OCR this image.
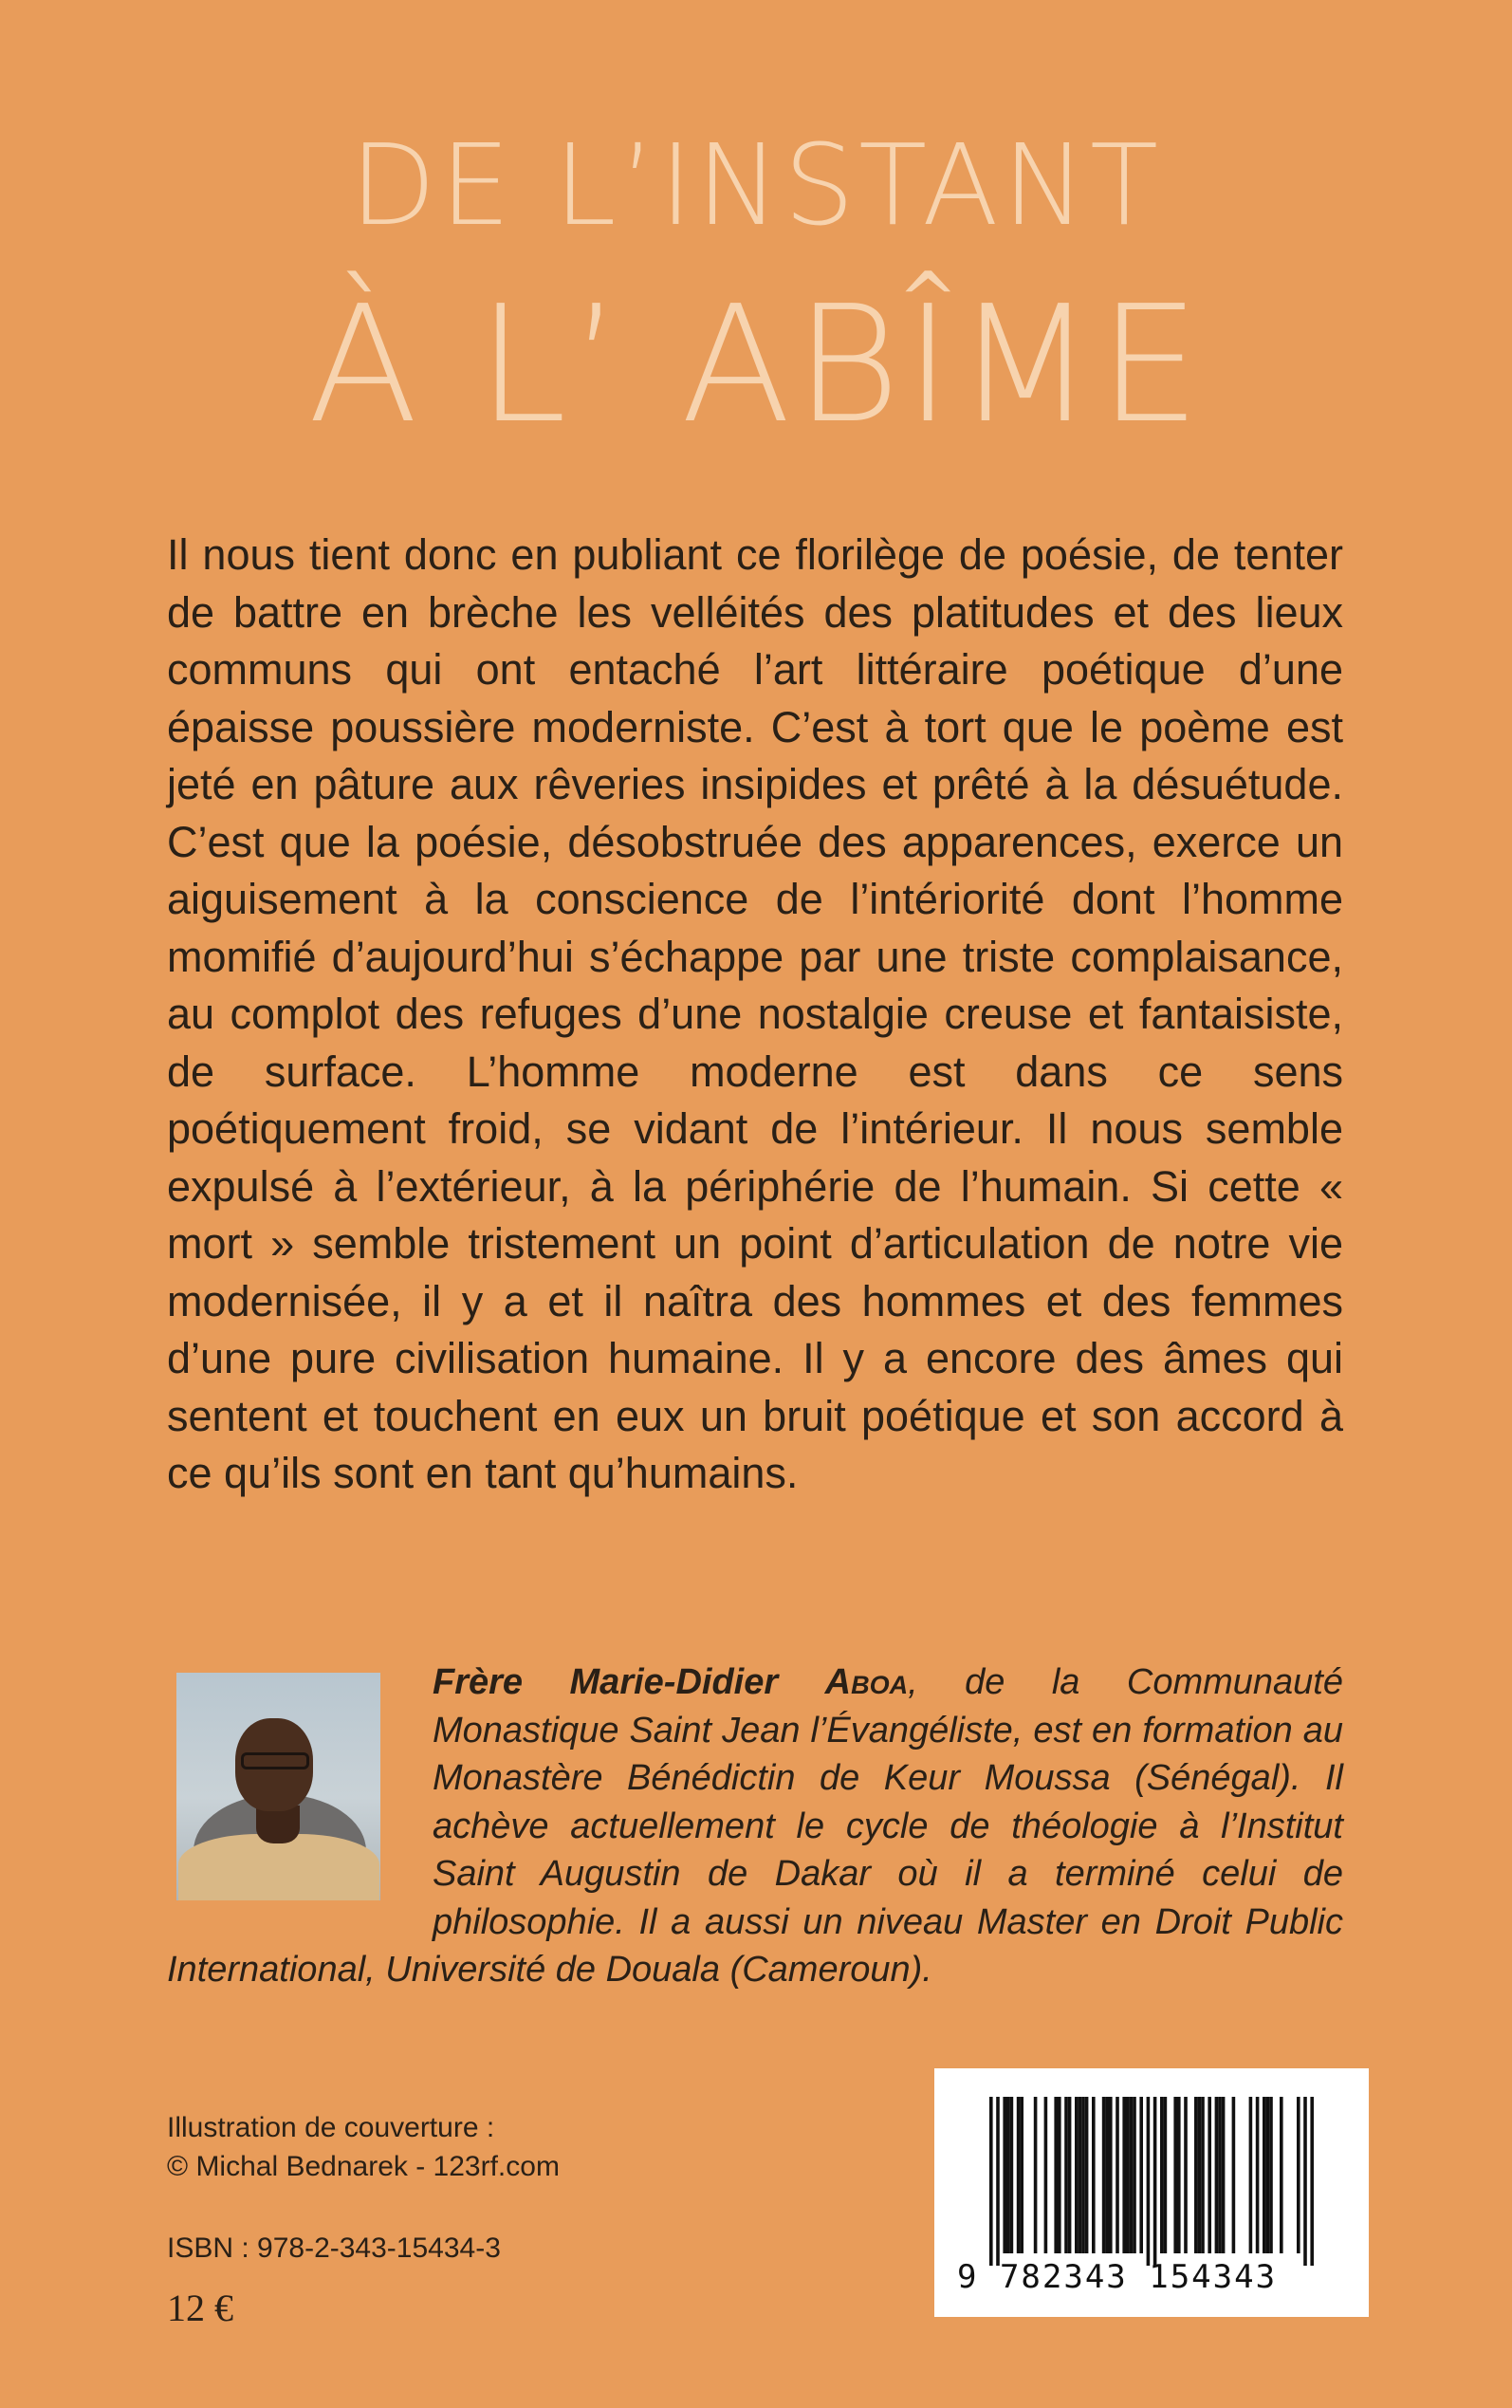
DE L’INSTANT
À L’ ABÎME

Il nous tient donc en publiant ce florilège de poésie, de tenter de battre en brèche les velléités des platitudes et des lieux communs qui ont entaché l’art littéraire poétique d’une épaisse poussière moderniste. C’est à tort que le poème est jeté en pâture aux rêveries insipides et prêté à la désuétude. C’est que la poésie, désobstruée des apparences, exerce un aiguisement à la conscience de l’intériorité dont l’homme momifié d’aujourd’hui s’échappe par une triste complaisance, au complot des refuges d’une nostalgie creuse et fantaisiste, de surface. L’homme moderne est dans ce sens poétiquement froid, se vidant de l’intérieur. Il nous semble expulsé à l’extérieur, à la périphérie de l’humain. Si cette « mort » semble tristement un point d’articulation de notre vie modernisée, il y a et il naîtra des hommes et des femmes d’une pure civilisation humaine. Il y a encore des âmes qui sentent et touchent en eux un bruit poétique et son accord à ce qu’ils sont en tant qu’humains.

Frère Marie-Didier Aboa, de la Communauté Monastique Saint Jean l’Évangéliste, est en formation au Monastère Bénédictin de Keur Moussa (Sénégal). Il achève actuellement le cycle de théologie à l’Institut Saint Augustin de Dakar où il a terminé celui de philosophie. Il a aussi un niveau Master en Droit Public International, Université de Douala (Cameroun).

Illustration de couverture :
© Michal Bednarek - 123rf.com
ISBN : 978-2-343-15434-3
12 €
9 782343 154343
